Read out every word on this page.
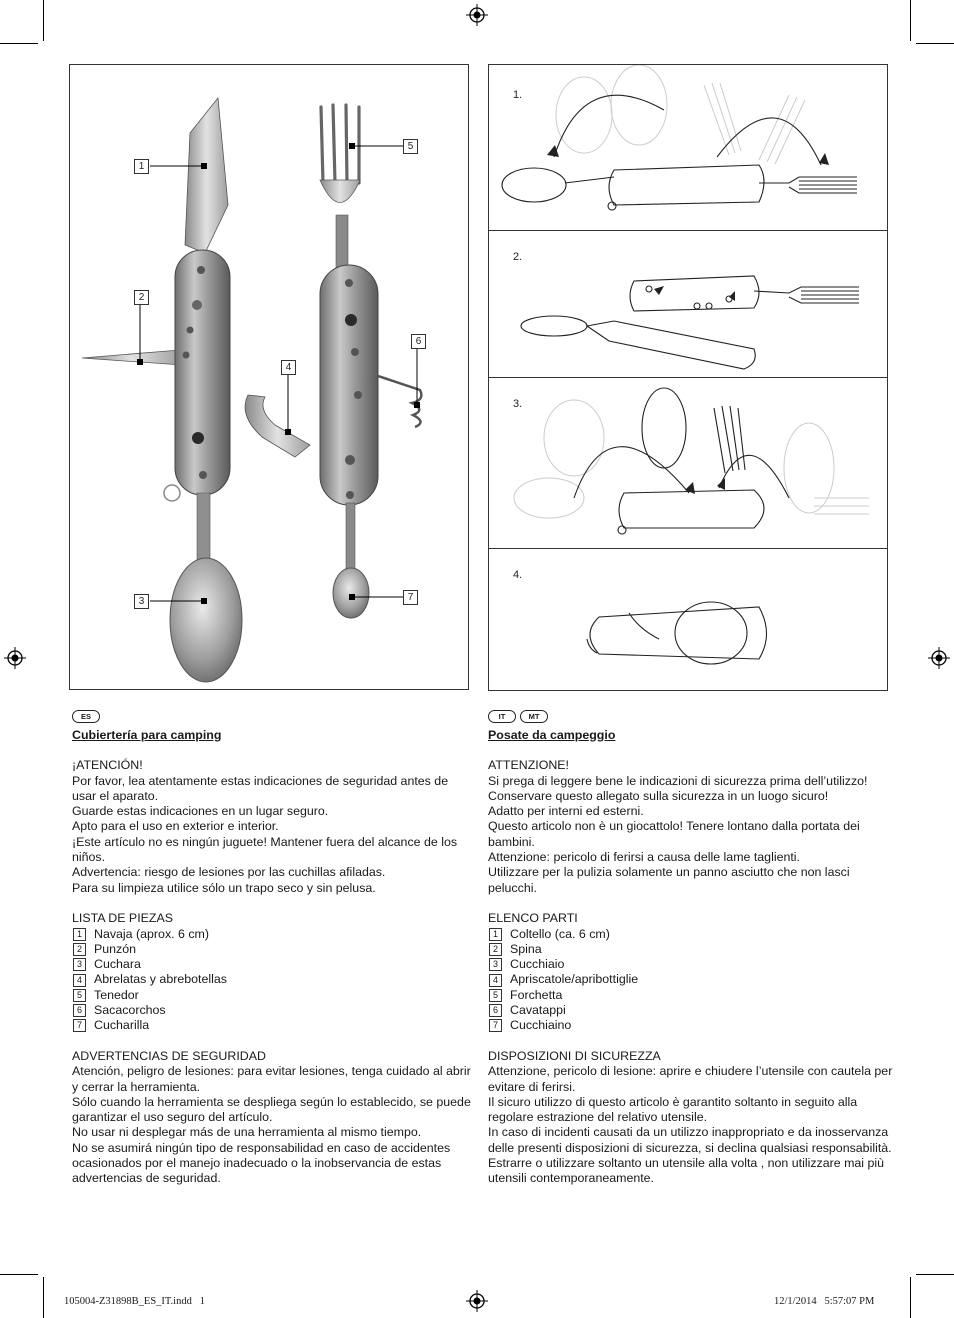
1
2
3
4
5
6
7
1.
2.
3.
4.
ES
Cubiertería para camping

¡ATENCIÓN!

Por favor, lea atentamente estas indicaciones de seguridad antes de usar el aparato.

Guarde estas indicaciones en un lugar seguro.

Apto para el uso en exterior e interior.

¡Este artículo no es ningún juguete! Mantener fuera del alcance de los niños.

Advertencia: riesgo de lesiones por las cuchillas afiladas.

Para su limpieza utilice sólo un trapo seco y sin pelusa.

LISTA DE PIEZAS

1 Navaja (aprox. 6 cm)
2 Punzón
3 Cuchara
4 Abrelatas y abrebotellas
5 Tenedor
6 Sacacorchos
7 Cucharilla

ADVERTENCIAS DE SEGURIDAD

Atención, peligro de lesiones: para evitar lesiones, tenga cuidado al abrir y cerrar la herramienta.

Sólo cuando la herramienta se despliega según lo establecido, se puede garantizar el uso seguro del artículo.

No usar ni desplegar más de una herramienta al mismo tiempo.

No se asumirá ningún tipo de responsabilidad en caso de accidentes ocasionados por el manejo inadecuado o la inobservancia de estas advertencias de seguridad.

IT	MT
Posate da campeggio

ATTENZIONE!

Si prega di leggere bene le indicazioni di sicurezza prima dell’utilizzo!

Conservare questo allegato sulla sicurezza in un luogo sicuro!

Adatto per interni ed esterni.

Questo articolo non è un giocattolo! Tenere lontano dalla portata dei bambini.

Attenzione: pericolo di ferirsi a causa delle lame taglienti.

Utilizzare per la pulizia solamente un panno asciutto che non lasci pelucchi.

ELENCO PARTI

1 Coltello (ca. 6 cm)
2 Spina
3 Cucchiaio
4 Apriscatole/apribottiglie
5 Forchetta
6 Cavatappi
7 Cucchiaino

DISPOSIZIONI DI SICUREZZA

Attenzione, pericolo di lesione: aprire e chiudere l’utensile con cautela per evitare di ferirsi.

Il sicuro utilizzo di questo articolo è garantito soltanto in seguito alla regolare estrazione del relativo utensile.

In caso di incidenti causati da un utilizzo inappropriato e da inosservanza delle presenti disposizioni di sicurezza, si declina qualsiasi responsabilità.

Estrarre o utilizzare soltanto un utensile alla volta , non utilizzare mai più utensili contemporaneamente.

105004-Z31898B_ES_IT.indd   1	12/1/2014   5:57:07 PM
